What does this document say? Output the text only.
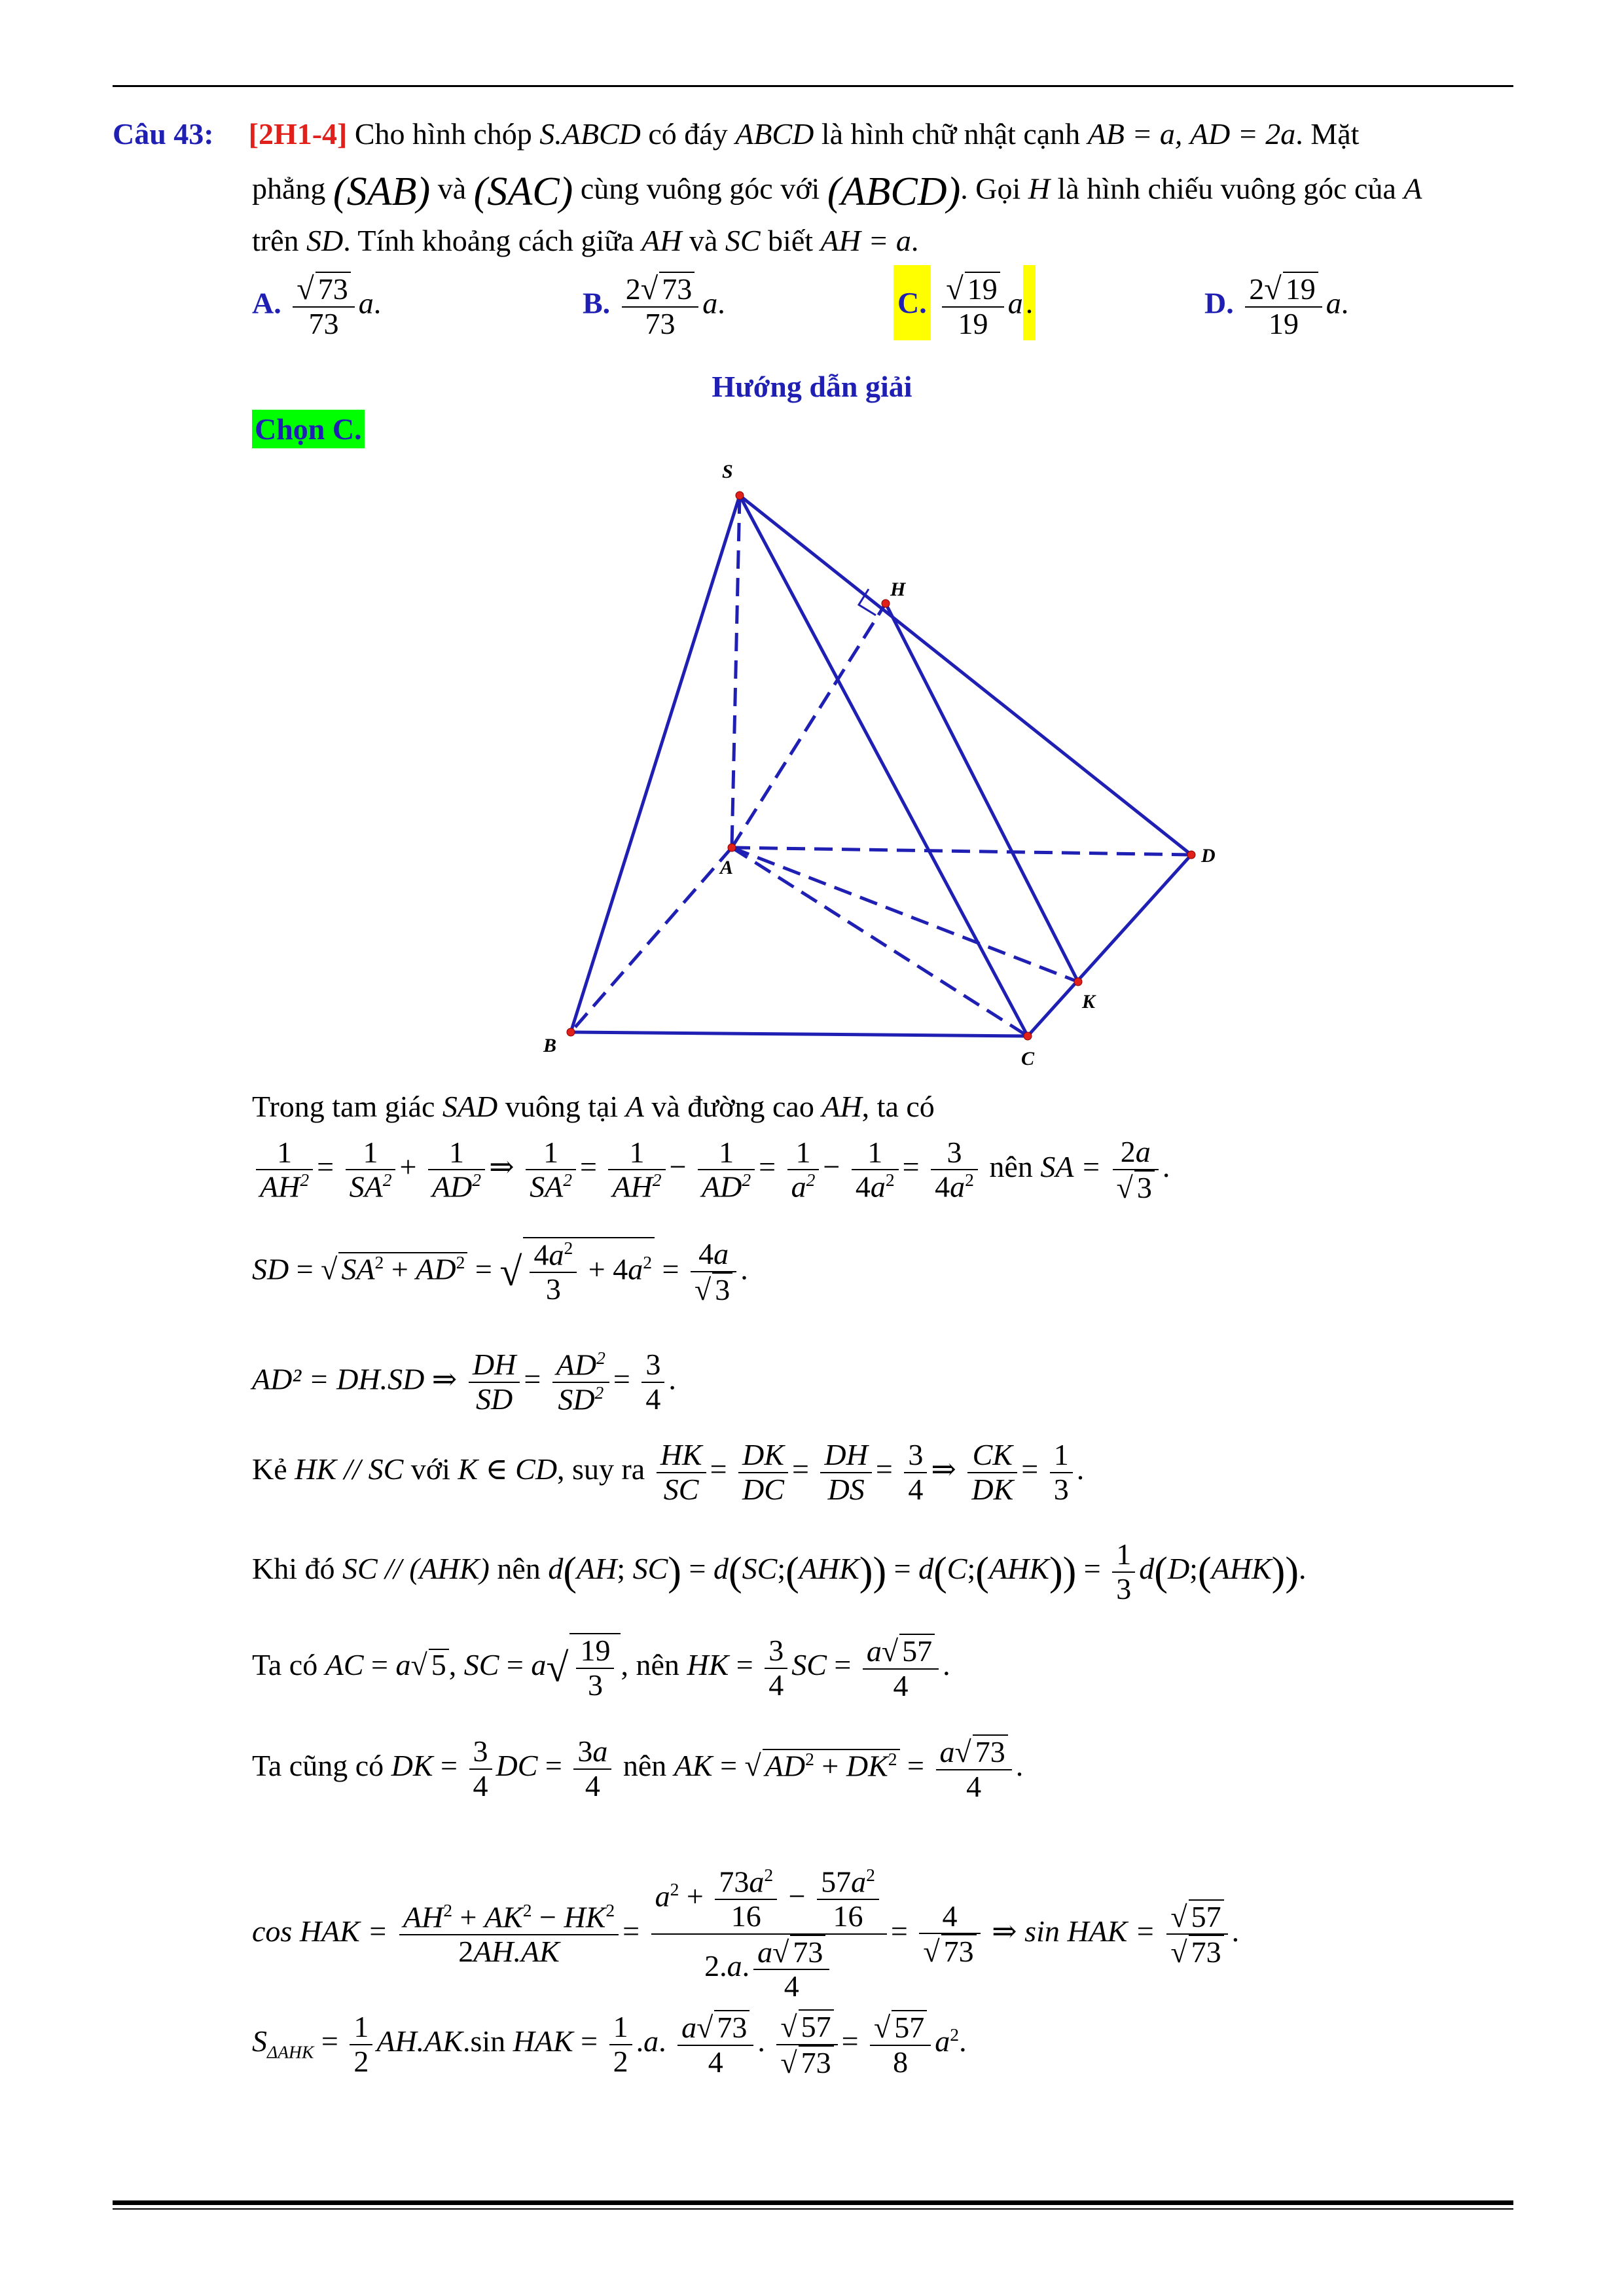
Câu 43: [2H1-4] Cho hình chóp S.ABCD có đáy ABCD là hình chữ nhật cạnh AB = a, AD = 2a. Mặt
phẳng (SAB) và (SAC) cùng vuông góc với (ABCD). Gọi H là hình chiếu vuông góc của A
trên SD. Tính khoảng cách giữa AH và SC biết AH = a.
A. $\frac{√ 73}{73} a$.	B. $\frac{2√ 73}{73} a$.	C. $\frac{√ 19}{19} a$.	D. $\frac{2√ 19}{19} a$.
Hướng dẫn giải
Chọn C.
S
H
A
D
K
B
C
Trong tam giác SAD vuông tại A và đường cao AH, ta có
$\frac{1}{AH^2} = \frac{1}{SA^2} + \frac{1}{AD^2}$ ⇒ $\frac{1}{SA^2} = \frac{1}{AH^2} - \frac{1}{AD^2} = \frac{1}{a^2} - \frac{1}{4a^2} = \frac{3}{4a^2}$ nên SA = $\frac{2a}{√ 3}$ .
SD = √ $SA^2 + AD^2$ = √ $\frac{4a^2}{3} + 4a^2 = \frac{4a}{√ 3}$ .
AD² = DH.SD ⇒ $\frac{DH}{SD} = \frac{AD^2}{SD^2} = \frac{3}{4}$ .
Kẻ HK // SC với K ∈ CD, suy ra $\frac{HK}{SC} = \frac{DK}{DC} = \frac{DH}{DS} = \frac{3}{4}$ ⇒ $\frac{CK}{DK} = \frac{1}{3}$ .
Khi đó SC // (AHK) nên d(AH; SC) = d(SC;(AHK)) = d(C;(AHK)) = $\frac{1}{3}$ d(D;(AHK)).
Ta có AC = a√ 5, SC = $a√ \frac{19}{3}$ , nên HK = $\frac{3}{4}$ SC = $\frac{a√ 57}{4}$ .
Ta cũng có DK = $\frac{3}{4}$ DC = $\frac{3a}{4}$ nên AK = √ $AD^2 + DK^2 = \frac{a√ 73}{4}$ .
cos HAK = $\frac{AH^2 + AK^2 - HK^2}{2AH.AK} = \frac{a^2 + \frac{73a^2}{16} - \frac{57a^2}{16}}{2.a. \frac{a√ 73}{4}} = \frac{4}{√ 73}$ ⇒ sin HAK = $\frac{√ 57}{√ 73}$ .
$S_{\Delta AHK} = \frac{1}{2} AH.AK.\sin$ HAK = $\frac{1}{2} .a$. $\frac{a√ 73}{4}$ . $\frac{√ 57}{√ 73} = \frac{√ 57}{8} a^2$.
